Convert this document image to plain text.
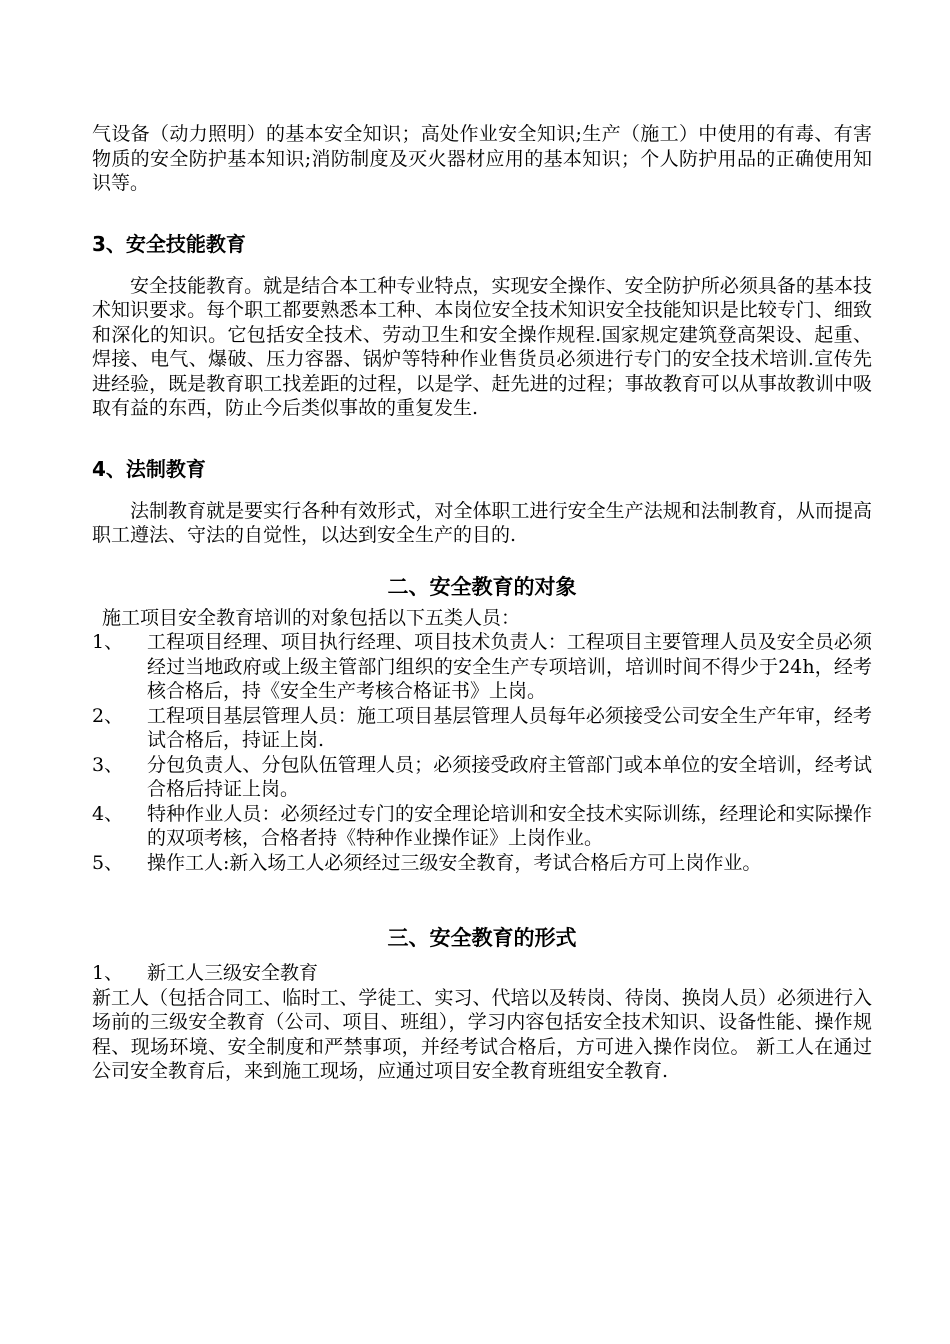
气设备（动力照明）的基本安全知识；高处作业安全知识;生产（施工）中使用的有毒、有害物质的安全防护基本知识;消防制度及灭火器材应用的基本知识；个人防护用品的正确使用知识等。

3、安全技能教育

安全技能教育。就是结合本工种专业特点，实现安全操作、安全防护所必须具备的基本技术知识要求。每个职工都要熟悉本工种、本岗位安全技术知识安全技能知识是比较专门、细致和深化的知识。它包括安全技术、劳动卫生和安全操作规程.国家规定建筑登高架设、起重、焊接、电气、爆破、压力容器、锅炉等特种作业售货员必须进行专门的安全技术培训.宣传先进经验，既是教育职工找差距的过程，以是学、赶先进的过程；事故教育可以从事故教训中吸取有益的东西，防止今后类似事故的重复发生.

4、法制教育

法制教育就是要实行各种有效形式，对全体职工进行安全生产法规和法制教育，从而提高职工遵法、守法的自觉性，以达到安全生产的目的.

二、安全教育的对象

施工项目安全教育培训的对象包括以下五类人员：

1、	工程项目经理、项目执行经理、项目技术负责人：工程项目主要管理人员及安全员必须经过当地政府或上级主管部门组织的安全生产专项培训，培训时间不得少于24h，经考核合格后，持《安全生产考核合格证书》上岗。
2、	工程项目基层管理人员：施工项目基层管理人员每年必须接受公司安全生产年审，经考试合格后，持证上岗.
3、	分包负责人、分包队伍管理人员；必须接受政府主管部门或本单位的安全培训，经考试合格后持证上岗。
4、	特种作业人员：必须经过专门的安全理论培训和安全技术实际训练，经理论和实际操作的双项考核，合格者持《特种作业操作证》上岗作业。
5、	操作工人:新入场工人必须经过三级安全教育，考试合格后方可上岗作业。

三、安全教育的形式

1、	新工人三级安全教育

新工人（包括合同工、临时工、学徒工、实习、代培以及转岗、待岗、换岗人员）必须进行入场前的三级安全教育（公司、项目、班组），学习内容包括安全技术知识、设备性能、操作规程、现场环境、安全制度和严禁事项，并经考试合格后，方可进入操作岗位。 新工人在通过公司安全教育后，来到施工现场，应通过项目安全教育班组安全教育.
